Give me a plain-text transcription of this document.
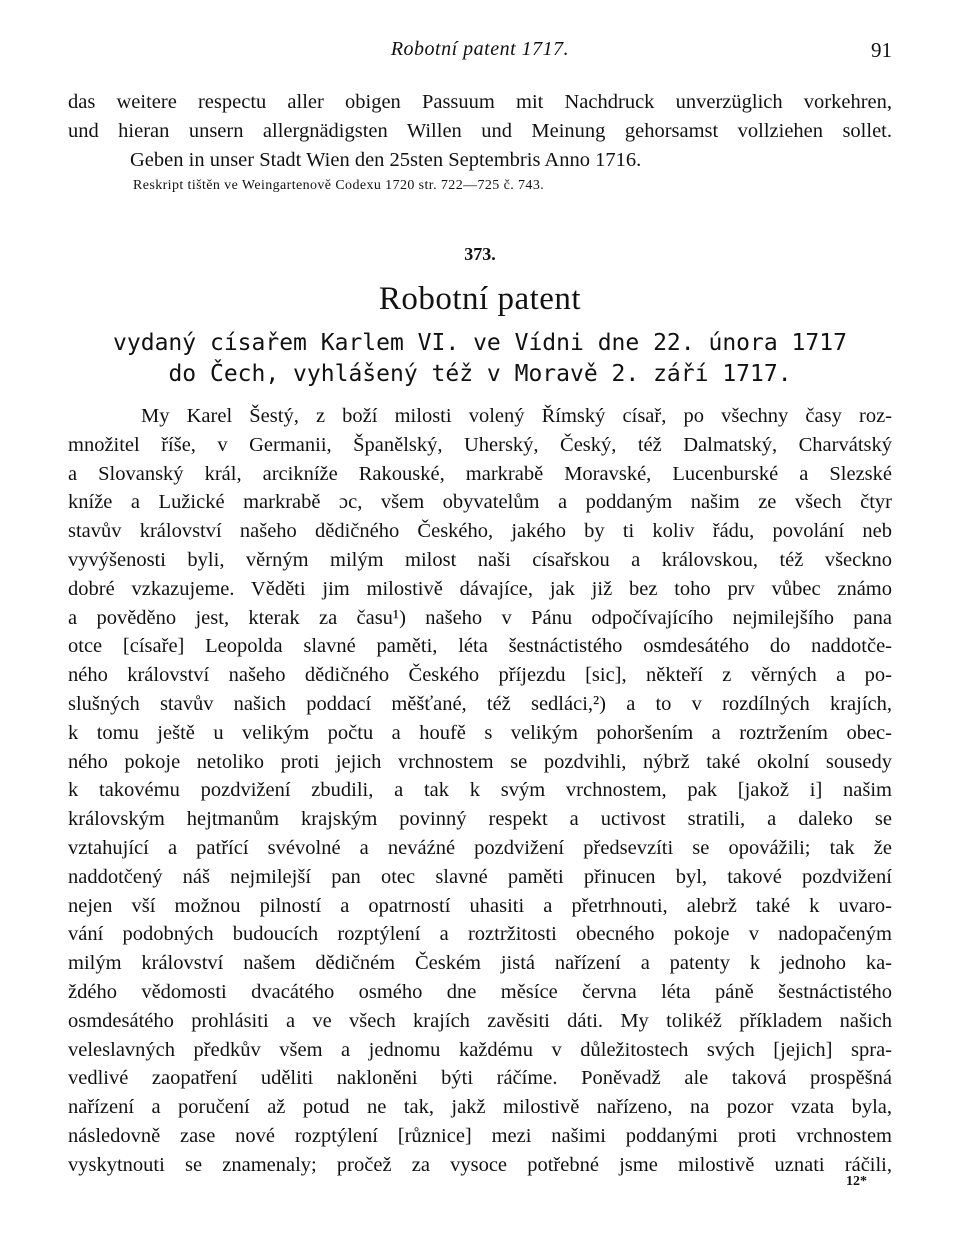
Robotní patent 1717.	91
das weitere respectu aller obigen Passuum mit Nachdruck unverzüglich vorkehren,
und hieran unsern allergnädigsten Willen und Meinung gehorsamst vollziehen sollet.
Geben in unser Stadt Wien den 25sten Septembris Anno 1716.
Reskript tištěn ve Weingartenově Codexu 1720 str. 722—725 č. 743.
373.
Robotní patent
vydaný císařem Karlem VI. ve Vídni dne 22. února 1717
do Čech, vyhlášený též v Moravě 2. září 1717.
My Karel Šestý, z boží milosti volený Římský císař, po všechny časy roz-
množitel říše, v Germanii, Španělský, Uherský, Český, též Dalmatský, Charvátský
a Slovanský král, arcikníže Rakouské, markrabě Moravské, Lucenburské a Slezské
kníže a Lužické markrabě ɔc, všem obyvatelům a poddaným našim ze všech čtyr
stavův království našeho dědičného Českého, jakého by ti koliv řádu, povolání neb
vyvýšenosti byli, věrným milým milost naši císařskou a královskou, též všeckno
dobré vzkazujeme. Věděti jim milostivě dávajíce, jak již bez toho prv vůbec známo
a pověděno jest, kterak za času¹) našeho v Pánu odpočívajícího nejmilejšího pana
otce [císaře] Leopolda slavné paměti, léta šestnáctistého osmdesátého do naddotče-
ného království našeho dědičného Českého příjezdu [sic], někteří z věrných a po-
slušných stavův našich poddací měšťané, též sedláci,²) a to v rozdílných krajích,
k tomu ještě u velikým počtu a houfě s velikým pohoršením a roztržením obec-
ného pokoje netoliko proti jejich vrchnostem se pozdvihli, nýbrž také okolní sousedy
k takovému pozdvižení zbudili, a tak k svým vrchnostem, pak [jakož i] našim
královským hejtmanům krajským povinný respekt a uctivost stratili, a daleko se
vztahující a patřící svévolné a neváźné pozdvižení předsevzíti se opovážili; tak že
naddotčený náš nejmilejší pan otec slavné paměti přinucen byl, takové pozdvižení
nejen vší možnou pilností a opatrností uhasiti a přetrhnouti, alebrž také k uvaro-
vání podobných budoucích rozptýlení a roztržitosti obecného pokoje v nadopačeným
milým království našem dědičném Českém jistá nařízení a patenty k jednoho ka-
ždého vědomosti dvacátého osmého dne měsíce června léta páně šestnáctistého
osmdesátého prohlásiti a ve všech krajích zavěsiti dáti. My tolikéž příkladem našich
veleslavných předkův všem a jednomu každému v důležitostech svých [jejich] spra-
vedlivé zaopatření uděliti nakloněni býti ráčíme. Poněvadž ale taková prospěšná
nařízení a poručení až potud ne tak, jakž milostivě nařízeno, na pozor vzata byla,
následovně zase nové rozptýlení [různice] mezi našimi poddanými proti vrchnostem
vyskytnouti se znamenaly; pročež za vysoce potřebné jsme milostivě uznati ráčili,
12*
